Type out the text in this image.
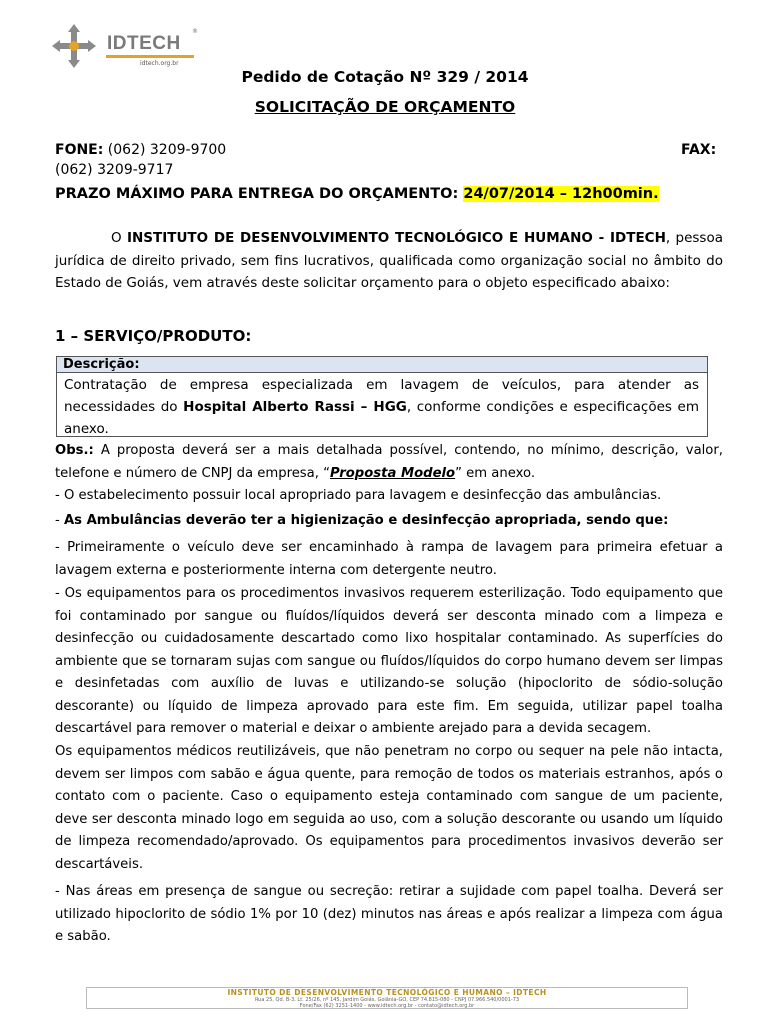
IDTECH
®
idtech.org.br
Pedido de Cotação Nº 329 / 2014
SOLICITAÇÃO DE ORÇAMENTO
FONE: (062) 3209-9700	FAX:
(062) 3209-9717
PRAZO MÁXIMO PARA ENTREGA DO ORÇAMENTO: 24/07/2014 – 12h00min.
O INSTITUTO DE DESENVOLVIMENTO TECNOLÓGICO E HUMANO - IDTECH, pessoa jurídica de direito privado, sem fins lucrativos, qualificada como organização social no âmbito do Estado de Goiás, vem através deste solicitar orçamento para o objeto especificado abaixo:
1 – SERVIÇO/PRODUTO:
Descrição:
Contratação de empresa especializada em lavagem de veículos, para atender as necessidades do Hospital Alberto Rassi – HGG, conforme condições e especificações em anexo.
Obs.: A proposta deverá ser a mais detalhada possível, contendo, no mínimo, descrição, valor, telefone e número de CNPJ da empresa, “Proposta Modelo” em anexo.
- O estabelecimento possuir local apropriado para lavagem e desinfecção das ambulâncias.
- As Ambulâncias deverão ter a higienização e desinfecção apropriada, sendo que:
- Primeiramente o veículo deve ser encaminhado à rampa de lavagem para primeira efetuar a lavagem externa e posteriormente interna com detergente neutro.
- Os equipamentos para os procedimentos invasivos requerem esterilização. Todo equipamento que foi contaminado por sangue ou fluídos/líquidos deverá ser desconta minado com a limpeza e desinfecção ou cuidadosamente descartado como lixo hospitalar contaminado. As superfícies do ambiente que se tornaram sujas com sangue ou fluídos/líquidos do corpo humano devem ser limpas e desinfetadas com auxílio de luvas e utilizando-se solução (hipoclorito de sódio-solução descorante) ou líquido de limpeza aprovado para este fim. Em seguida, utilizar papel toalha descartável para remover o material e deixar o ambiente arejado para a devida secagem.
Os equipamentos médicos reutilizáveis, que não penetram no corpo ou sequer na pele não intacta, devem ser limpos com sabão e água quente, para remoção de todos os materiais estranhos, após o contato com o paciente. Caso o equipamento esteja contaminado com sangue de um paciente, deve ser desconta minado logo em seguida ao uso, com a solução descorante ou usando um líquido de limpeza recomendado/aprovado. Os equipamentos para procedimentos invasivos deverão ser descartáveis.
- Nas áreas em presença de sangue ou secreção: retirar a sujidade com papel toalha. Deverá ser utilizado hipoclorito de sódio 1% por 10 (dez) minutos nas áreas e após realizar a limpeza com água e sabão.
INSTITUTO DE DESENVOLVIMENTO TECNOLÓGICO E HUMANO – IDTECH
Rua 25, Qd. B-3, Lt. 25/26, nº 145, Jardim Goiás, Goiânia-GO, CEP 74.815-080 - CNPJ 07.966.540/0001-73
Fone/Fax (62) 3251-1400 - www.idtech.org.br - contato@idtech.org.br
